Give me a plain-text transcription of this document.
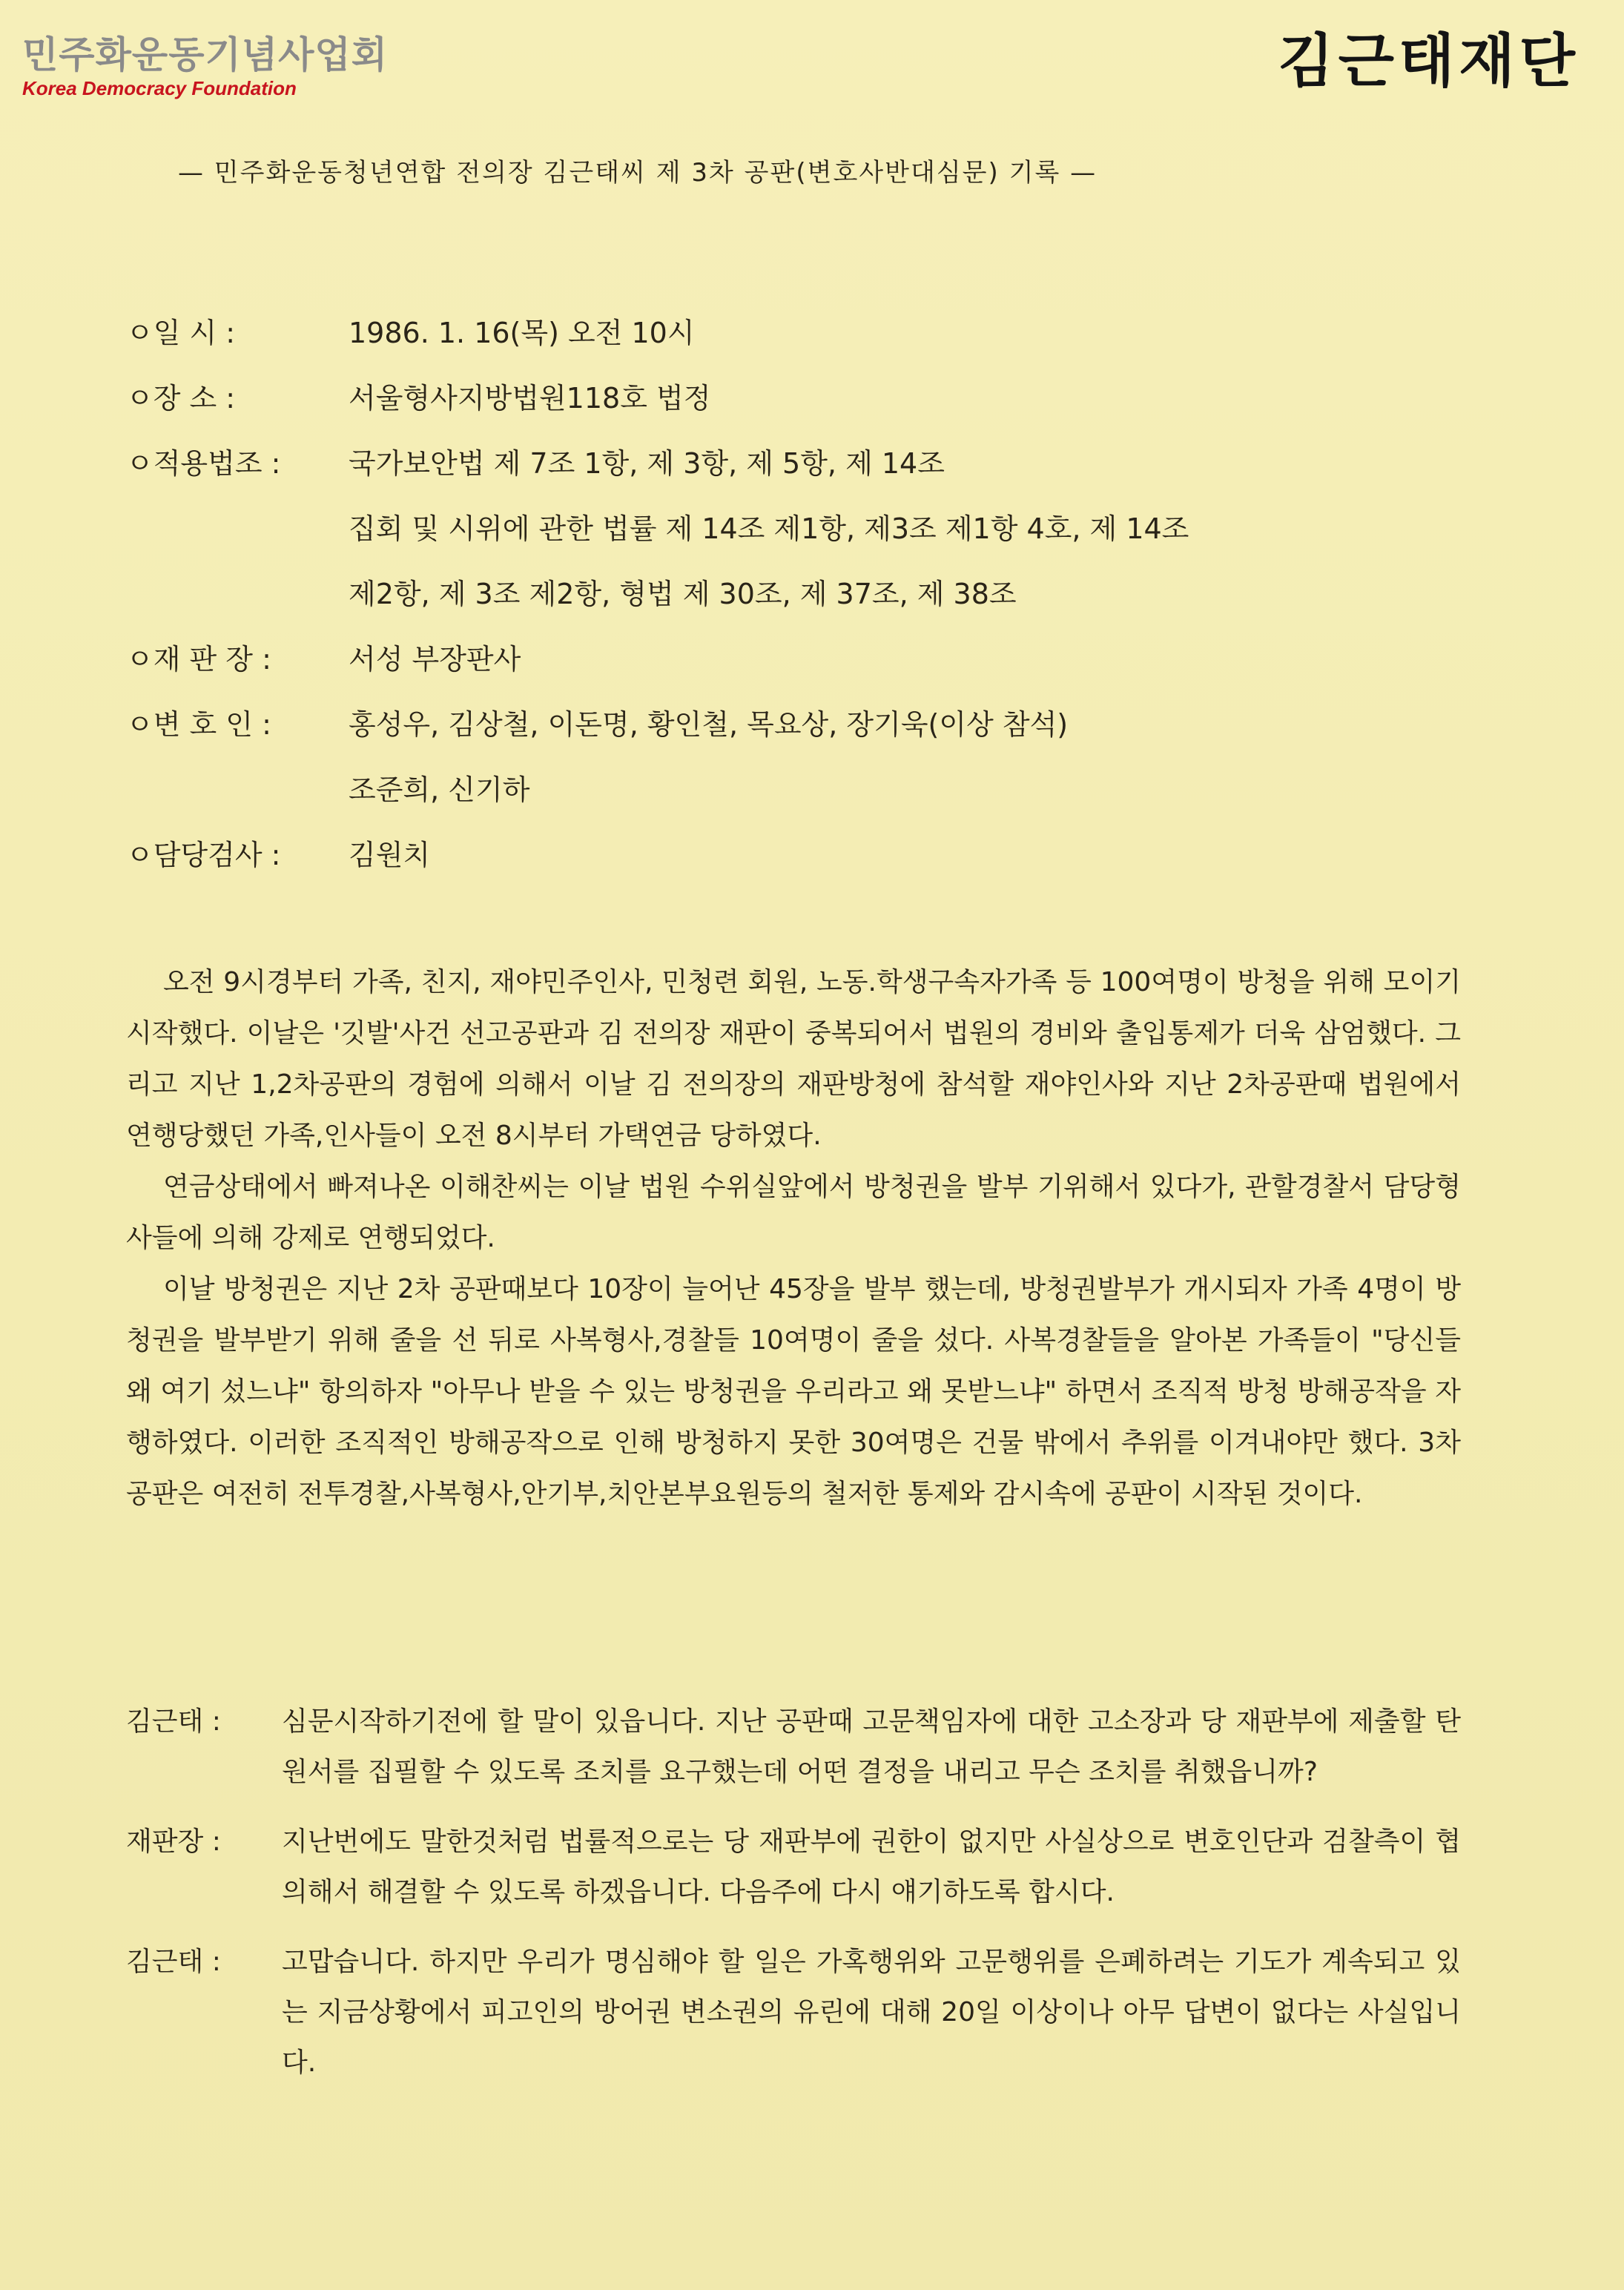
민주화운동기념사업회
Korea Democracy Foundation	김근태재단
— 민주화운동청년연합 전의장 김근태씨 제 3차 공판(변호사반대심문) 기록 —
ㅇ일 시 :	1986. 1. 16(목) 오전 10시
ㅇ장 소 :	서울형사지방법원118호 법정
ㅇ적용법조 :	국가보안법 제 7조 1항, 제 3항, 제 5항, 제 14조
집회 및 시위에 관한 법률 제 14조 제1항, 제3조 제1항 4호, 제 14조
제2항, 제 3조 제2항, 형법 제 30조, 제 37조, 제 38조
ㅇ재 판 장 :	서성 부장판사
ㅇ변 호 인 :	홍성우, 김상철, 이돈명, 황인철, 목요상, 장기욱(이상 참석)
조준희, 신기하
ㅇ담당검사 :	김원치

오전 9시경부터 가족, 친지, 재야민주인사, 민청련 회원, 노동.학생구속자가족 등 100여명이 방청을 위해 모이기 시작했다. 이날은 '깃발'사건 선고공판과 김 전의장 재판이 중복되어서 법원의 경비와 출입통제가 더욱 삼엄했다. 그리고 지난 1,2차공판의 경험에 의해서 이날 김 전의장의 재판방청에 참석할 재야인사와 지난 2차공판때 법원에서 연행당했던 가족,인사들이 오전 8시부터 가택연금 당하였다.

연금상태에서 빠져나온 이해찬씨는 이날 법원 수위실앞에서 방청권을 발부 기위해서 있다가, 관할경찰서 담당형사들에 의해 강제로 연행되었다.

이날 방청권은 지난 2차 공판때보다 10장이 늘어난 45장을 발부 했는데, 방청권발부가 개시되자 가족 4명이 방청권을 발부받기 위해 줄을 선 뒤로 사복형사,경찰들 10여명이 줄을 섰다. 사복경찰들을 알아본 가족들이 "당신들 왜 여기 섰느냐" 항의하자 "아무나 받을 수 있는 방청권을 우리라고 왜 못받느냐" 하면서 조직적 방청 방해공작을 자행하였다. 이러한 조직적인 방해공작으로 인해 방청하지 못한 30여명은 건물 밖에서 추위를 이겨내야만 했다. 3차공판은 여전히 전투경찰,사복형사,안기부,치안본부요원등의 철저한 통제와 감시속에 공판이 시작된 것이다.

김근태 :	심문시작하기전에 할 말이 있읍니다. 지난 공판때 고문책임자에 대한 고소장과 당 재판부에 제출할 탄원서를 집필할 수 있도록 조치를 요구했는데 어떤 결정을 내리고 무슨 조치를 취했읍니까?
재판장 :	지난번에도 말한것처럼 법률적으로는 당 재판부에 권한이 없지만 사실상으로 변호인단과 검찰측이 협의해서 해결할 수 있도록 하겠읍니다. 다음주에 다시 얘기하도록 합시다.
김근태 :	고맙습니다. 하지만 우리가 명심해야 할 일은 가혹행위와 고문행위를 은폐하려는 기도가 계속되고 있는 지금상황에서 피고인의 방어권 변소권의 유린에 대해 20일 이상이나 아무 답변이 없다는 사실입니다.
